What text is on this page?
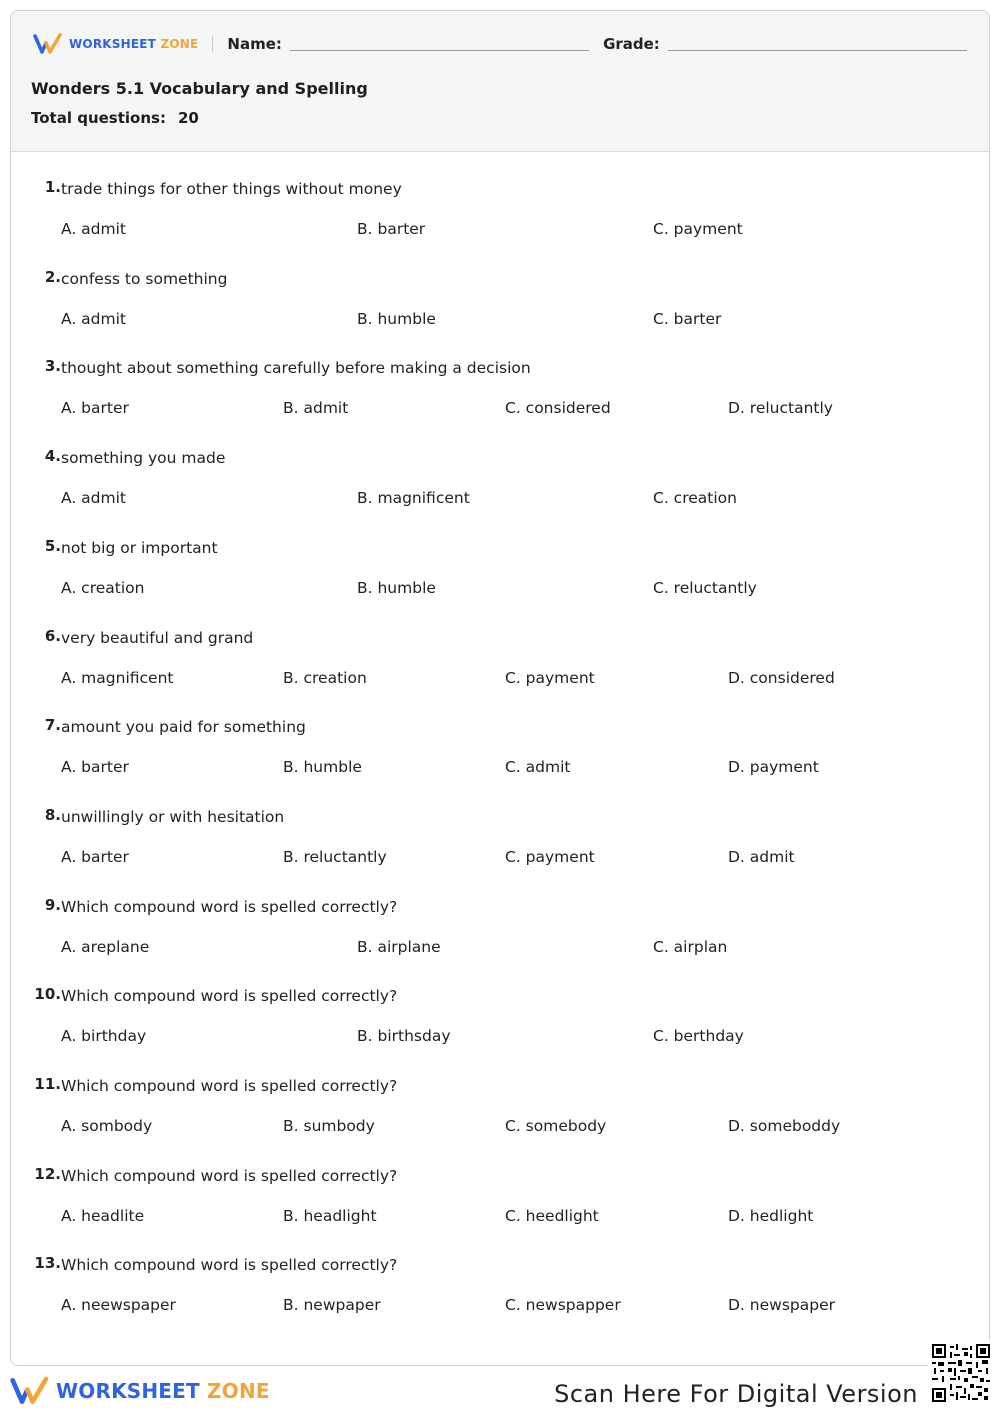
WORKSHEET ZONE Name:	Grade:
Wonders 5.1 Vocabulary and Spelling
Total questions: 20
1. trade things for other things without money
A. admit	B. barter	C. payment
2. confess to something
A. admit	B. humble	C. barter
3. thought about something carefully before making a decision
A. barter	B. admit	C. considered	D. reluctantly
4. something you made
A. admit	B. magnificent	C. creation
5. not big or important
A. creation	B. humble	C. reluctantly
6. very beautiful and grand
A. magnificent	B. creation	C. payment	D. considered
7. amount you paid for something
A. barter	B. humble	C. admit	D. payment
8. unwillingly or with hesitation
A. barter	B. reluctantly	C. payment	D. admit
9. Which compound word is spelled correctly?
A. areplane	B. airplane	C. airplan
10. Which compound word is spelled correctly?
A. birthday	B. birthsday	C. berthday
11. Which compound word is spelled correctly?
A. sombody	B. sumbody	C. somebody	D. someboddy
12. Which compound word is spelled correctly?
A. headlite	B. headlight	C. heedlight	D. hedlight
13. Which compound word is spelled correctly?
A. neewspaper	B. newpaper	C. newspapper	D. newspaper
WORKSHEET ZONE	Scan Here For Digital Version
